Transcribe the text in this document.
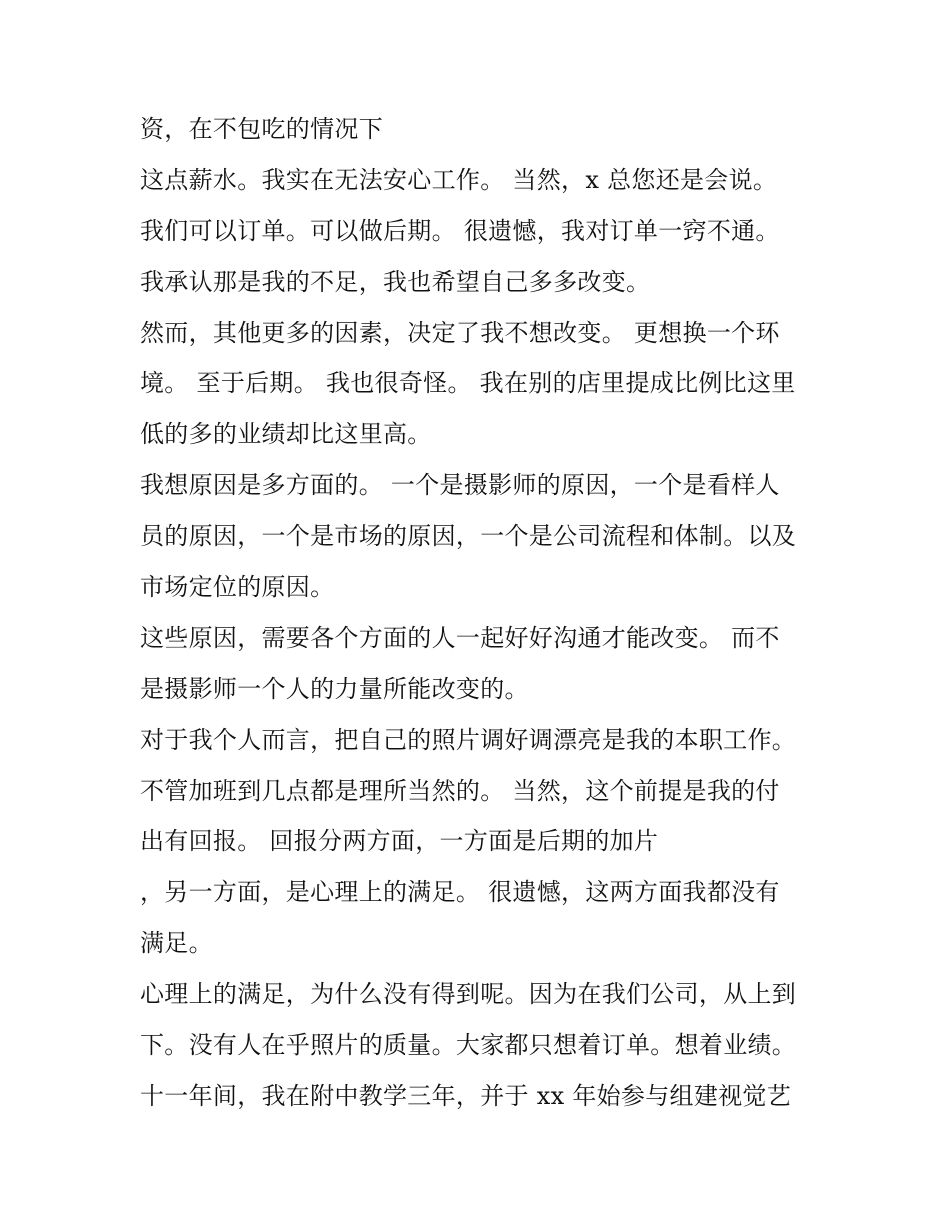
资，在不包吃的情况下
这点薪水。我实在无法安心工作。 当然，x 总您还是会说。
我们可以订单。可以做后期。 很遗憾，我对订单一窍不通。
我承认那是我的不足，我也希望自己多多改变。
然而，其他更多的因素，决定了我不想改变。 更想换一个环
境。 至于后期。 我也很奇怪。 我在别的店里提成比例比这里
低的多的业绩却比这里高。
我想原因是多方面的。 一个是摄影师的原因，一个是看样人
员的原因，一个是市场的原因，一个是公司流程和体制。以及
市场定位的原因。
这些原因，需要各个方面的人一起好好沟通才能改变。 而不
是摄影师一个人的力量所能改变的。
对于我个人而言，把自己的照片调好调漂亮是我的本职工作。
不管加班到几点都是理所当然的。 当然，这个前提是我的付
出有回报。 回报分两方面，一方面是后期的加片
，另一方面，是心理上的满足。 很遗憾，这两方面我都没有
满足。
心理上的满足，为什么没有得到呢。因为在我们公司，从上到
下。没有人在乎照片的质量。大家都只想着订单。想着业绩。
十一年间，我在附中教学三年，并于 xx 年始参与组建视觉艺
